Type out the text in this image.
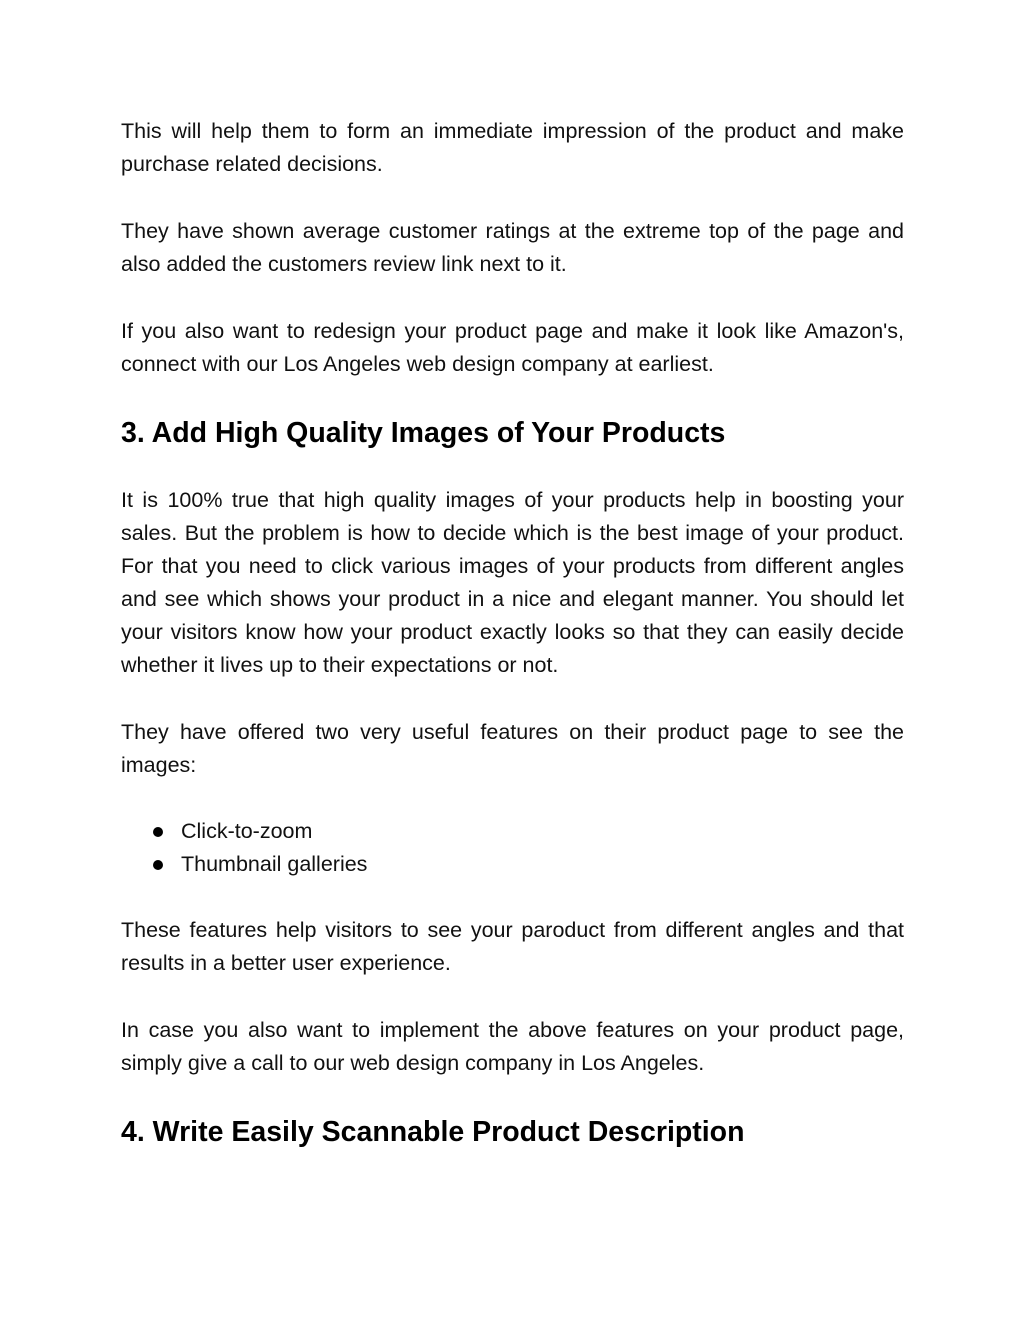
This will help them to form an immediate impression of the product and make purchase related decisions.

They have shown average customer ratings at the extreme top of the page and also added the customers review link next to it.

If you also want to redesign your product page and make it look like Amazon's, connect with our Los Angeles web design company at earliest.

3. Add High Quality Images of Your Products

It is 100% true that high quality images of your products help in boosting your sales. But the problem is how to decide which is the best image of your product. For that you need to click various images of your products from different angles and see which shows your product in a nice and elegant manner. You should let your visitors know how your product exactly looks so that they can easily decide whether it lives up to their expectations or not.

They have offered two very useful features on their product page to see the images:

Click-to-zoom
Thumbnail galleries

These features help visitors to see your paroduct from different angles and that results in a better user experience.

In case you also want to implement the above features on your product page, simply give a call to our web design company in Los Angeles.

4. Write Easily Scannable Product Description
